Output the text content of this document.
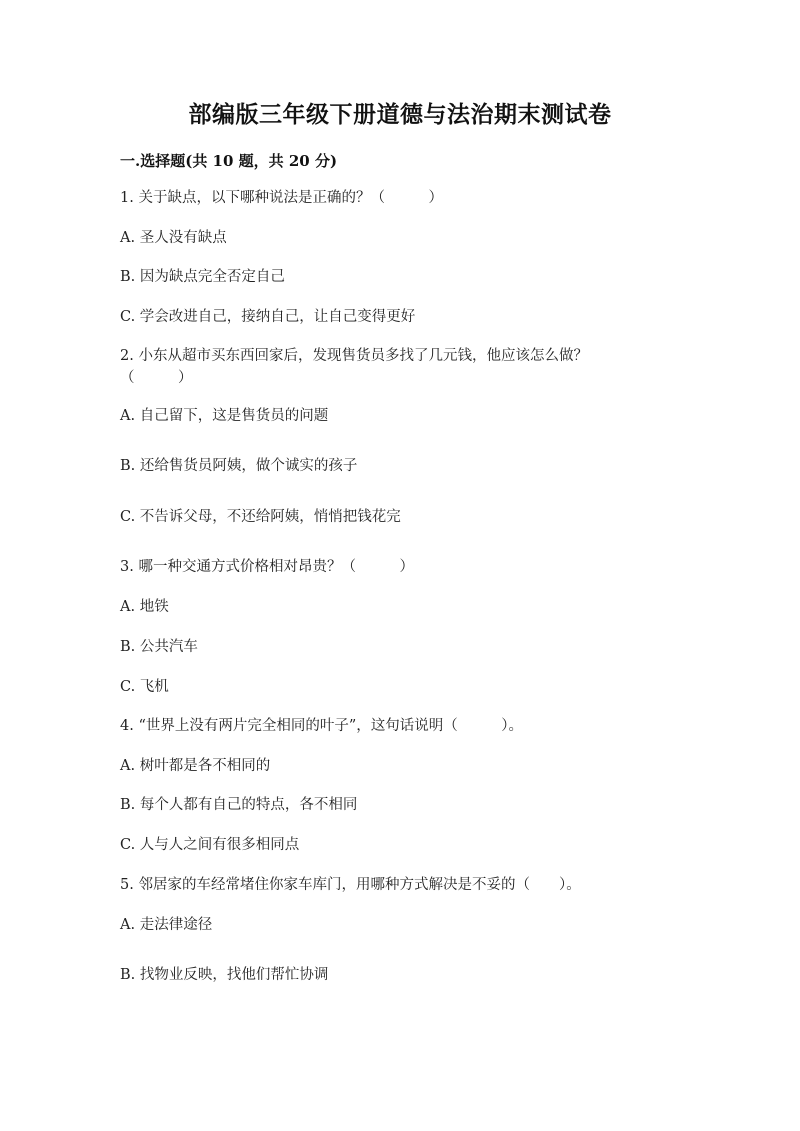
部编版三年级下册道德与法治期末测试卷
一.选择题(共 10 题，共 20 分)
1. 关于缺点，以下哪种说法是正确的？（　　　）
A. 圣人没有缺点
B. 因为缺点完全否定自己
C. 学会改进自己，接纳自己，让自己变得更好
2. 小东从超市买东西回家后，发现售货员多找了几元钱，他应该怎么做？
（　　　）
A. 自己留下，这是售货员的问题
B. 还给售货员阿姨，做个诚实的孩子
C. 不告诉父母，不还给阿姨，悄悄把钱花完
3. 哪一种交通方式价格相对昂贵？（　　　）
A. 地铁
B. 公共汽车
C. 飞机
4. “世界上没有两片完全相同的叶子”，这句话说明（　　　）。
A. 树叶都是各不相同的
B. 每个人都有自己的特点，各不相同
C. 人与人之间有很多相同点
5. 邻居家的车经常堵住你家车库门，用哪种方式解决是不妥的（　　）。
A. 走法律途径
B. 找物业反映，找他们帮忙协调
